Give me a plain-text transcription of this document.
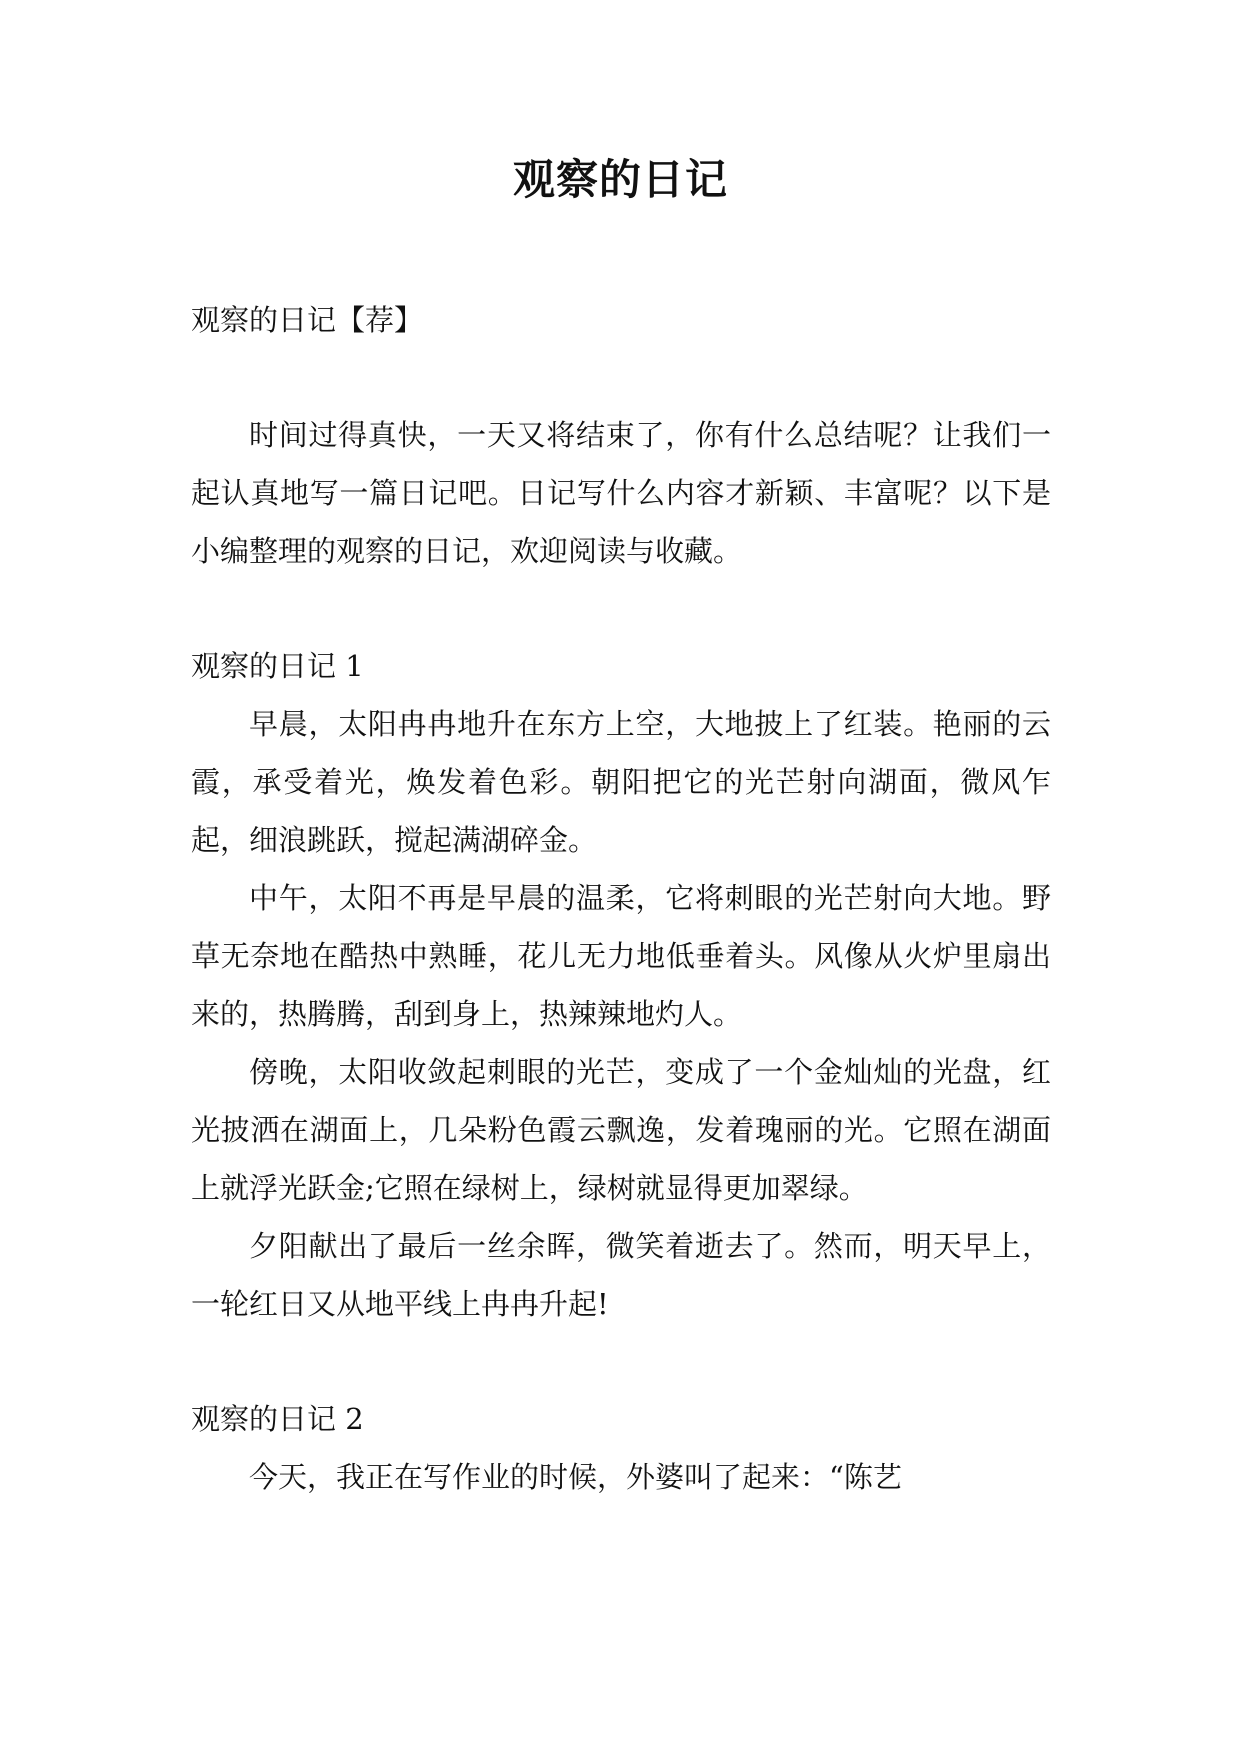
观察的日记

观察的日记【荐】

时间过得真快，一天又将结束了，你有什么总结呢？让我们一起认真地写一篇日记吧。日记写什么内容才新颖、丰富呢？以下是小编整理的观察的日记，欢迎阅读与收藏。

观察的日记 1

早晨，太阳冉冉地升在东方上空，大地披上了红装。艳丽的云霞，承受着光，焕发着色彩。朝阳把它的光芒射向湖面，微风乍起，细浪跳跃，搅起满湖碎金。

中午，太阳不再是早晨的温柔，它将刺眼的光芒射向大地。野草无奈地在酷热中熟睡，花儿无力地低垂着头。风像从火炉里扇出来的，热腾腾，刮到身上，热辣辣地灼人。

傍晚，太阳收敛起刺眼的光芒，变成了一个金灿灿的光盘，红光披洒在湖面上，几朵粉色霞云飘逸，发着瑰丽的光。它照在湖面上就浮光跃金;它照在绿树上，绿树就显得更加翠绿。

夕阳献出了最后一丝余晖，微笑着逝去了。然而，明天早上，一轮红日又从地平线上冉冉升起!

观察的日记 2

今天，我正在写作业的时候，外婆叫了起来：“陈艺
